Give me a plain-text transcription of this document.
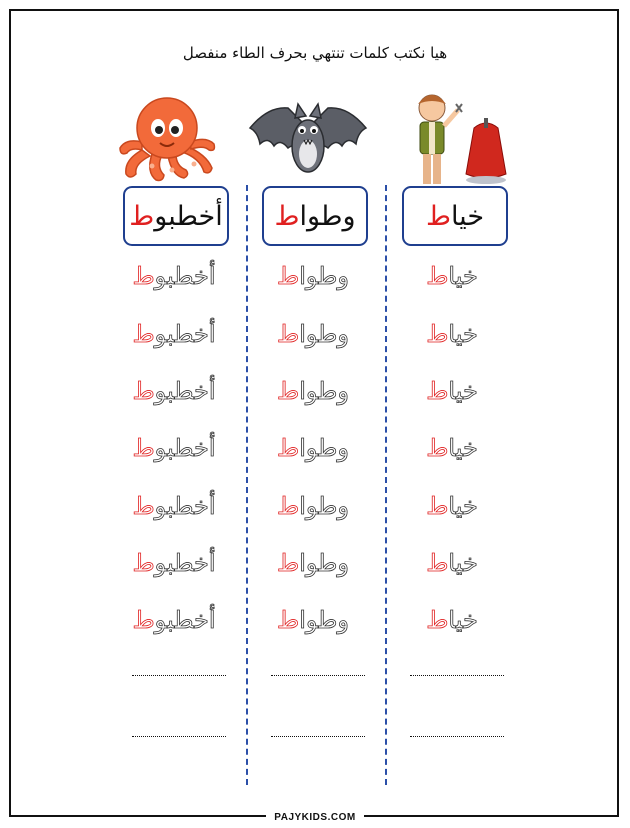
هيا نكتب كلمات تنتهي بحرف الطاء منفصل
أخطبو
ط	وطوا
ط	خيا
ط
أخطبوط
أخطبوط
أخطبوط
أخطبوط
أخطبوط
أخطبوط
أخطبوط
وطواط
وطواط
وطواط
وطواط
وطواط
وطواط
وطواط
خياط
خياط
خياط
خياط
خياط
خياط
خياط
PAJYKIDS.COM
